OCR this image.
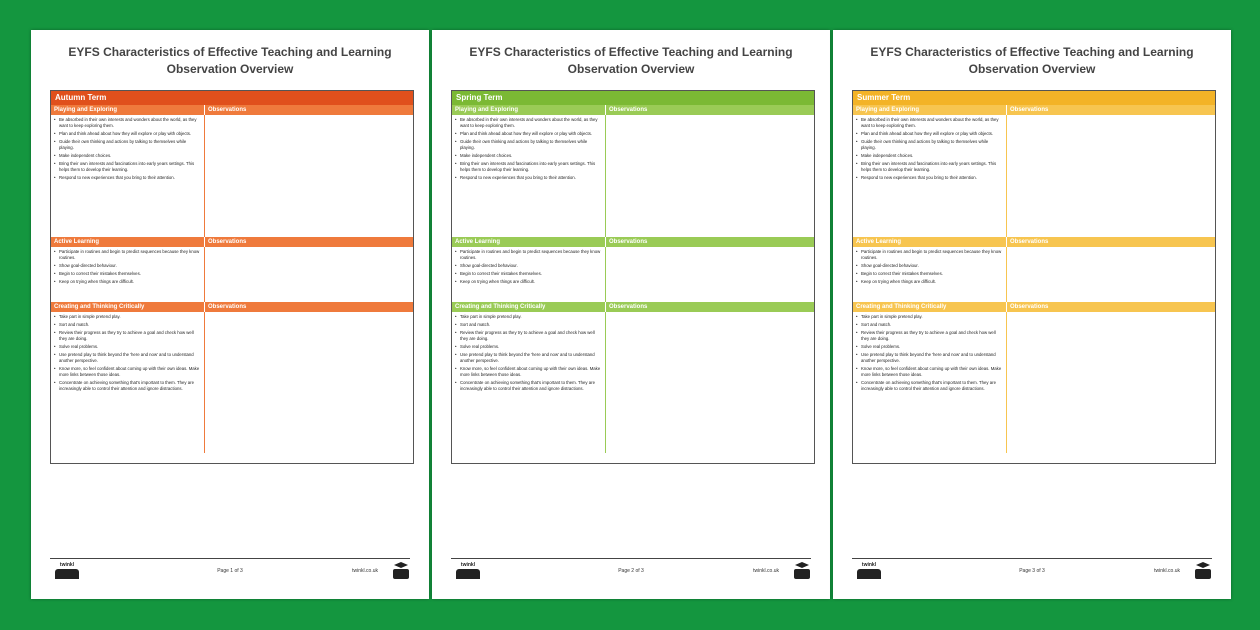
EYFS Characteristics of Effective Teaching and Learning
Observation Overview
Autumn Term
Playing and Exploring	Observations
• Be absorbed in their own interests and wonders about the world, as they want to keep exploring them.
• Plan and think ahead about how they will explore or play with objects.
• Guide their own thinking and actions by talking to themselves while playing.
• Make independent choices.
• Bring their own interests and fascinations into early years settings. This helps them to develop their learning.
• Respond to new experiences that you bring to their attention.
Active Learning	Observations
• Participate in routines and begin to predict sequences because they know routines.
• Show goal-directed behaviour.
• Begin to correct their mistakes themselves.
• Keep on trying when things are difficult.
Creating and Thinking Critically	Observations
• Take part in simple pretend play.
• Sort and match.
• Review their progress as they try to achieve a goal and check how well they are doing.
• Solve real problems.
• Use pretend play to think beyond the 'here and now' and to understand another perspective.
• Know more, so feel confident about coming up with their own ideas. Make more links between those ideas.
• Concentrate on achieving something that's important to them. They are increasingly able to control their attention and ignore distractions.
twinkl
Page 1 of 3	twinkl.co.uk
EYFS Characteristics of Effective Teaching and Learning
Observation Overview
Spring Term
Playing and Exploring	Observations
• Be absorbed in their own interests and wonders about the world, as they want to keep exploring them.
• Plan and think ahead about how they will explore or play with objects.
• Guide their own thinking and actions by talking to themselves while playing.
• Make independent choices.
• Bring their own interests and fascinations into early years settings. This helps them to develop their learning.
• Respond to new experiences that you bring to their attention.
Active Learning	Observations
• Participate in routines and begin to predict sequences because they know routines.
• Show goal-directed behaviour.
• Begin to correct their mistakes themselves.
• Keep on trying when things are difficult.
Creating and Thinking Critically	Observations
• Take part in simple pretend play.
• Sort and match.
• Review their progress as they try to achieve a goal and check how well they are doing.
• Solve real problems.
• Use pretend play to think beyond the 'here and now' and to understand another perspective.
• Know more, so feel confident about coming up with their own ideas. Make more links between those ideas.
• Concentrate on achieving something that's important to them. They are increasingly able to control their attention and ignore distractions.
twinkl
Page 2 of 3	twinkl.co.uk
EYFS Characteristics of Effective Teaching and Learning
Observation Overview
Summer Term
Playing and Exploring	Observations
• Be absorbed in their own interests and wonders about the world, as they want to keep exploring them.
• Plan and think ahead about how they will explore or play with objects.
• Guide their own thinking and actions by talking to themselves while playing.
• Make independent choices.
• Bring their own interests and fascinations into early years settings. This helps them to develop their learning.
• Respond to new experiences that you bring to their attention.
Active Learning	Observations
• Participate in routines and begin to predict sequences because they know routines.
• Show goal-directed behaviour.
• Begin to correct their mistakes themselves.
• Keep on trying when things are difficult.
Creating and Thinking Critically	Observations
• Take part in simple pretend play.
• Sort and match.
• Review their progress as they try to achieve a goal and check how well they are doing.
• Solve real problems.
• Use pretend play to think beyond the 'here and now' and to understand another perspective.
• Know more, so feel confident about coming up with their own ideas. Make more links between those ideas.
• Concentrate on achieving something that's important to them. They are increasingly able to control their attention and ignore distractions.
twinkl
Page 3 of 3	twinkl.co.uk
